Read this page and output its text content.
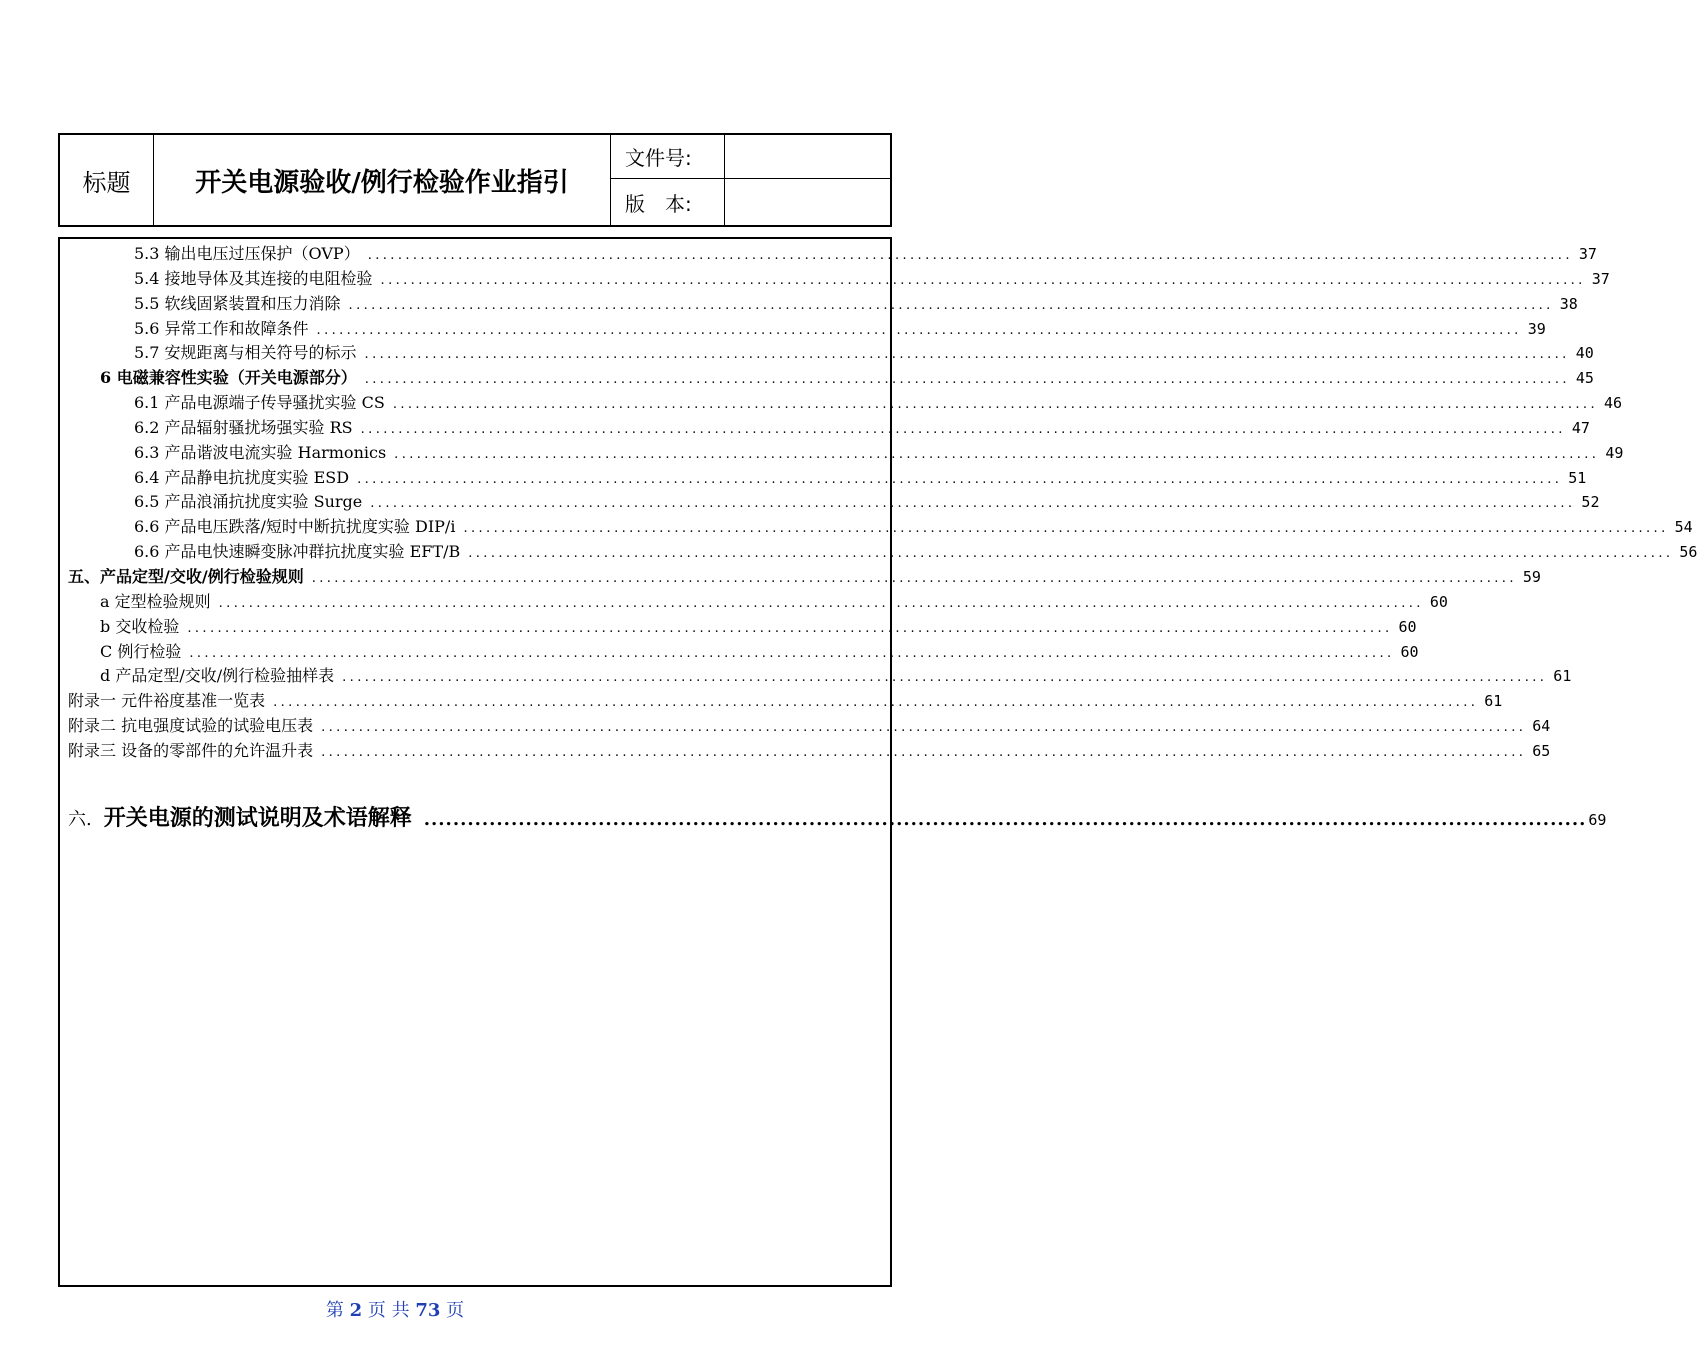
标题	开关电源验收/例行检验作业指引
文件号:
版　本:
5.3 输出电压过压保护（OVP） ................................................................................................................................................................ 37
5.4 接地导体及其连接的电阻检验 ................................................................................................................................................................ 37
5.5 软线固紧装置和压力消除 ................................................................................................................................................................ 38
5.6 异常工作和故障条件 ................................................................................................................................................................ 39
5.7 安规距离与相关符号的标示 ................................................................................................................................................................ 40
6 电磁兼容性实验（开关电源部分） ................................................................................................................................................................ 45
6.1 产品电源端子传导骚扰实验 CS ................................................................................................................................................................ 46
6.2 产品辐射骚扰场强实验 RS ................................................................................................................................................................ 47
6.3 产品谐波电流实验 Harmonics ................................................................................................................................................................ 49
6.4 产品静电抗扰度实验 ESD ................................................................................................................................................................ 51
6.5 产品浪涌抗扰度实验 Surge ................................................................................................................................................................ 52
6.6 产品电压跌落/短时中断抗扰度实验 DIP/i ................................................................................................................................................................ 54
6.6 产品电快速瞬变脉冲群抗扰度实验 EFT/B ................................................................................................................................................................ 56
五、产品定型/交收/例行检验规则 ................................................................................................................................................................ 59
a 定型检验规则 ................................................................................................................................................................ 60
b 交收检验 ................................................................................................................................................................ 60
C 例行检验 ................................................................................................................................................................ 60
d 产品定型/交收/例行检验抽样表 ................................................................................................................................................................ 61
附录一 元件裕度基准一览表 ................................................................................................................................................................ 61
附录二 抗电强度试验的试验电压表 ................................................................................................................................................................ 64
附录三 设备的零部件的允许温升表 ................................................................................................................................................................ 65
六. 开关电源的测试说明及术语解释 ................................................................................................................................................................ 69
第 2 页 共 73 页
